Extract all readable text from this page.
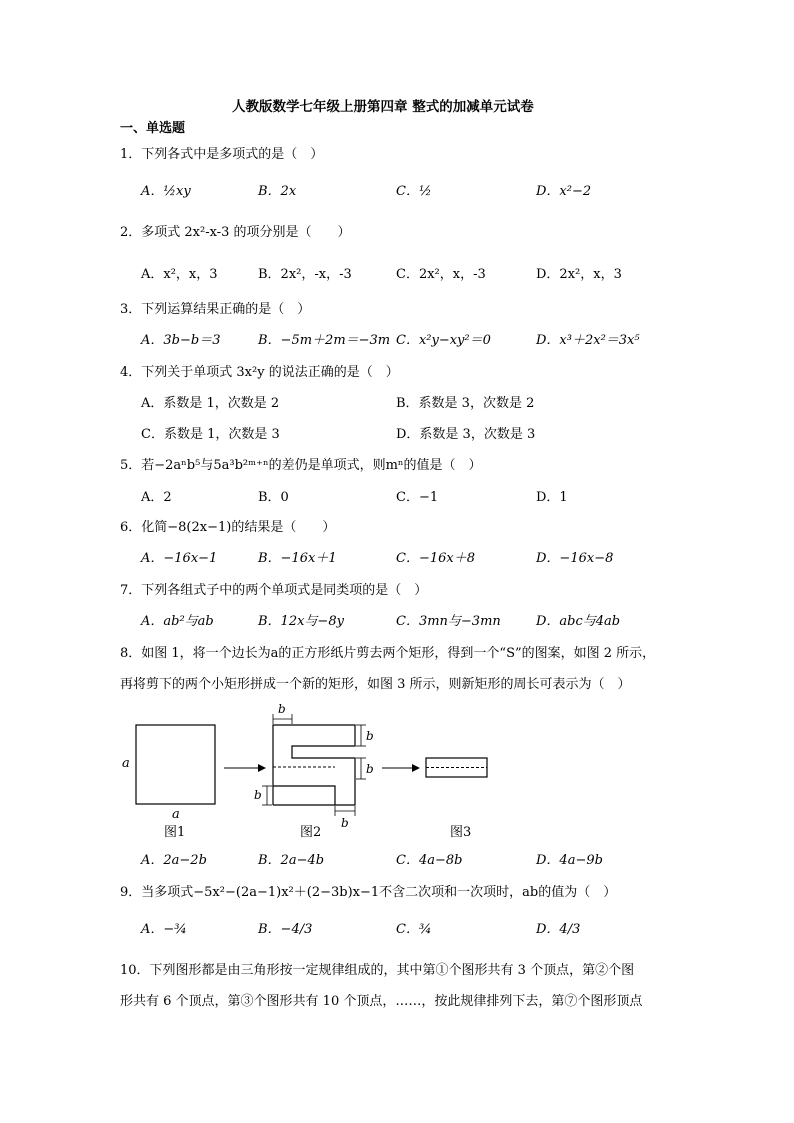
人教版数学七年级上册第四章 整式的加减单元试卷
一、单选题
1．下列各式中是多项式的是（　）
A．½xy	B．2x	C．½	D．x²−2
2．多项式 2x²-x-3 的项分别是（　　）
A．x²，x，3	B．2x²，-x，-3	C．2x²，x，-3	D．2x²，x，3
3．下列运算结果正确的是（　）
A．3b−b＝3	B．−5m＋2m＝−3m C．x²y−xy²＝0	D．x³＋2x²＝3x⁵
4．下列关于单项式 3x²y 的说法正确的是（　）
A．系数是 1，次数是 2	B．系数是 3，次数是 2
C．系数是 1，次数是 3	D．系数是 3，次数是 3
5．若−2aⁿb⁵与5a³b²ᵐ⁺ⁿ的差仍是单项式，则mⁿ的值是（　）
A．2	B．0	C．−1	D．1
6．化简−8(2x−1)的结果是（　　）
A．−16x−1	B．−16x＋1	C．−16x＋8	D．−16x−8
7．下列各组式子中的两个单项式是同类项的是（　）
A．ab²与ab	B．12x与−8y	C．3mn与−3mn	D．abc与4ab
8．如图 1，将一个边长为a的正方形纸片剪去两个矩形，得到一个“S”的图案，如图 2 所示，
再将剪下的两个小矩形拼成一个新的矩形，如图 3 所示，则新矩形的周长可表示为（　）
a
a
b
b
b
b
b
图1	图2	图3
A．2a−2b	B．2a−4b	C．4a−8b	D．4a−9b
9．当多项式−5x²−(2a−1)x²＋(2−3b)x−1不含二次项和一次项时，ab的值为（　）
A．−¾	B．−4/3	C．¾	D．4/3
10．下列图形都是由三角形按一定规律组成的，其中第①个图形共有 3 个顶点，第②个图
形共有 6 个顶点，第③个图形共有 10 个顶点，……，按此规律排列下去，第⑦个图形顶点
